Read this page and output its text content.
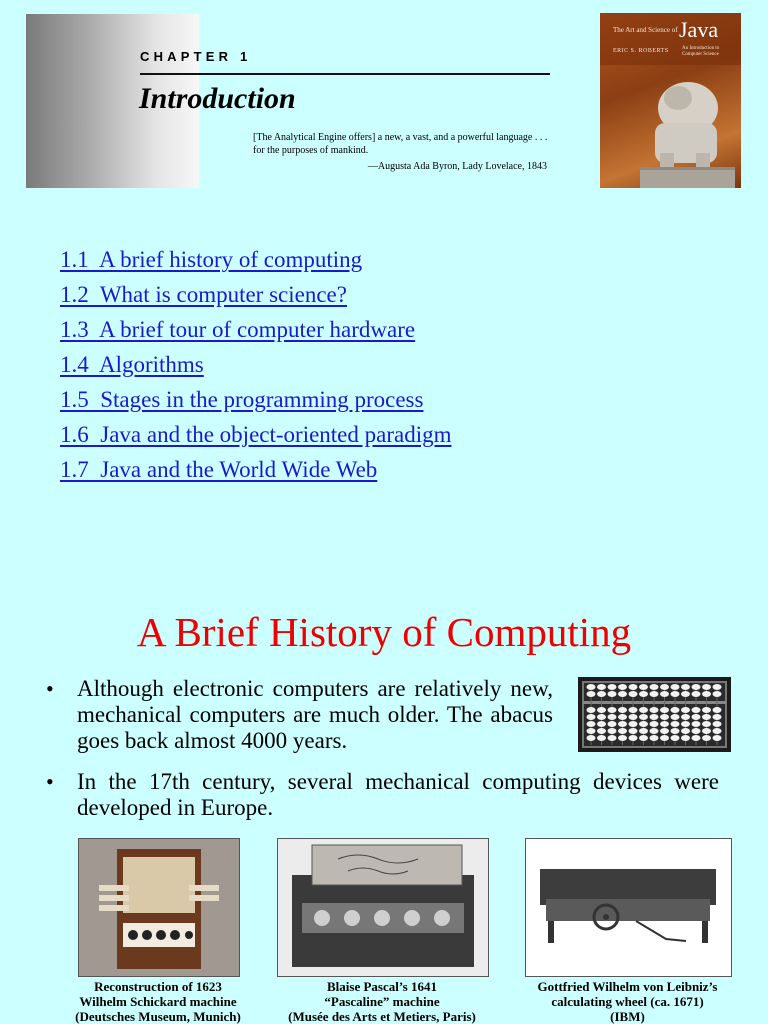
CHAPTER 1
Introduction
[The Analytical Engine offers] a new, a vast, and a powerful language . . . for the purposes of mankind.
—Augusta Ada Byron, Lady Lovelace, 1843
The Art and Science of Java
ERIC S. ROBERTS	An Introduction to Computer Science
1.1  A brief history of computing
1.2  What is computer science?
1.3  A brief tour of computer hardware
1.4  Algorithms
1.5  Stages in the programming process
1.6  Java and the object-oriented paradigm
1.7  Java and the World Wide Web
A Brief History of Computing
• Although electronic computers are relatively new, mechanical computers are much older. The abacus goes back almost 4000 years.
• In the 17th century, several mechanical computing devices were developed in Europe.
Reconstruction of 1623
Wilhelm Schickard machine
(Deutsches Museum, Munich)
Blaise Pascal’s 1641
“Pascaline” machine
(Musée des Arts et Metiers, Paris)
Gottfried Wilhelm von Leibniz’s
calculating wheel (ca. 1671)
(IBM)
